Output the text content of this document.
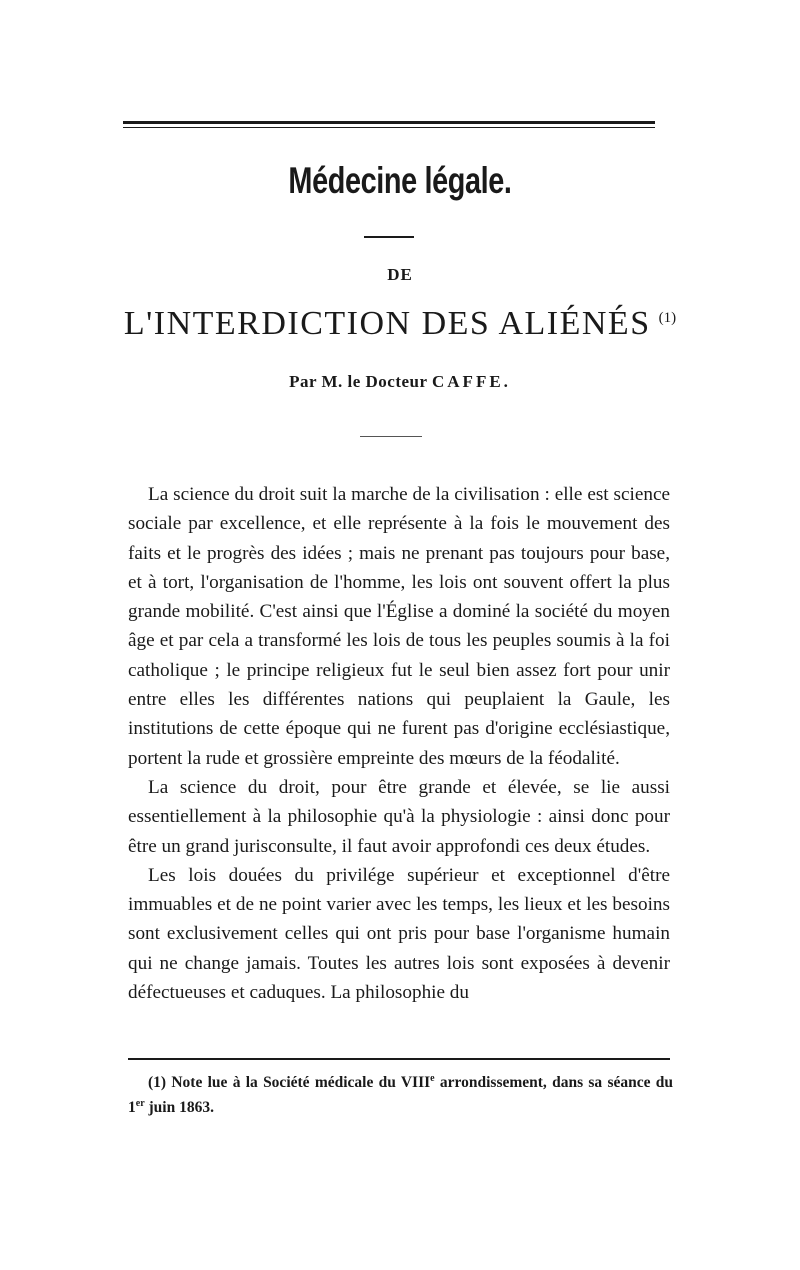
Médecine légale.
DE
L'INTERDICTION DES ALIÉNÉS $^{(1)}$
Par M. le Docteur CAFFE.

La science du droit suit la marche de la civilisation : elle est science sociale par excellence, et elle représente à la fois le mouvement des faits et le progrès des idées ; mais ne prenant pas toujours pour base, et à tort, l'organisation de l'homme, les lois ont souvent offert la plus grande mobilité. C'est ainsi que l'Église a dominé la société du moyen âge et par cela a transformé les lois de tous les peuples soumis à la foi catholique ; le principe religieux fut le seul bien assez fort pour unir entre elles les différentes nations qui peuplaient la Gaule, les institutions de cette époque qui ne furent pas d'origine ecclésiastique, portent la rude et grossière empreinte des mœurs de la féodalité.

La science du droit, pour être grande et élevée, se lie aussi essentiellement à la philosophie qu'à la physiologie : ainsi donc pour être un grand jurisconsulte, il faut avoir approfondi ces deux études.

Les lois douées du privilége supérieur et exceptionnel d'être immuables et de ne point varier avec les temps, les lieux et les besoins sont exclusivement celles qui ont pris pour base l'organisme humain qui ne change jamais. Toutes les autres lois sont exposées à devenir défectueuses et caduques. La philosophie du

(1) Note lue à la Société médicale du VIIIe arrondissement, dans sa séance du 1er juin 1863.
